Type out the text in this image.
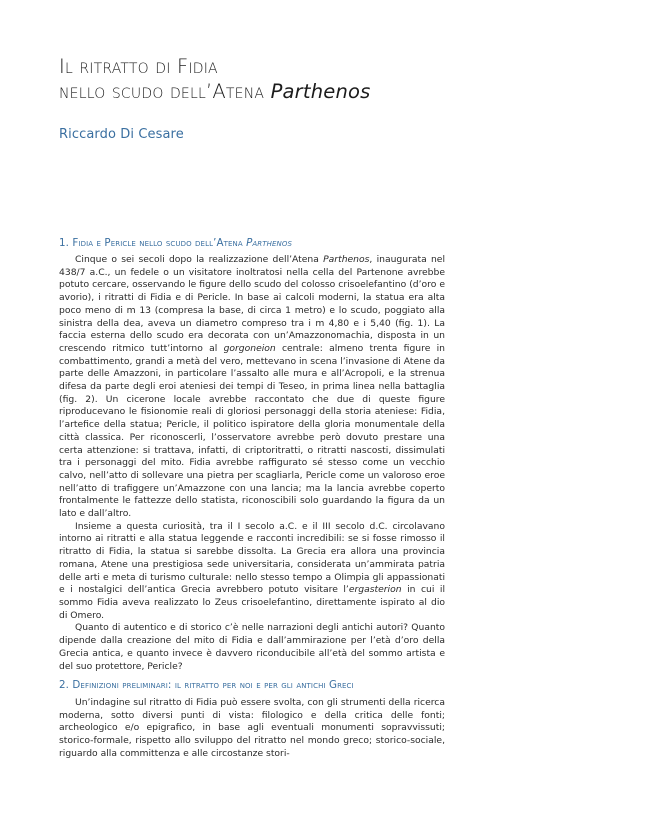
Il ritratto di Fidia
nello scudo dell’Atena Parthenos
Riccardo Di Cesare
1. Fidia e Pericle nello scudo dell’Atena Parthenos

Cinque o sei secoli dopo la realizzazione dell’Atena Parthenos, inaugurata nel 438/7 a.C., un fedele o un visitatore inoltratosi nella cella del Partenone avrebbe potuto cercare, osservando le figure dello scudo del colosso crisoelefantino (d’oro e avorio), i ritratti di Fidia e di Pericle. In base ai calcoli moderni, la statua era alta poco meno di m 13 (compresa la base, di circa 1 metro) e lo scudo, poggiato alla sinistra della dea, aveva un diametro compreso tra i m 4,80 e i 5,40 (fig. 1). La faccia esterna dello scudo era decorata con un’Amazzonomachia, disposta in un crescendo ritmico tutt’intorno al gorgoneion centrale: almeno trenta figure in combattimento, grandi a metà del vero, mettevano in scena l’invasione di Atene da parte delle Amazzoni, in particolare l’assalto alle mura e all’Acropoli, e la strenua difesa da parte degli eroi ateniesi dei tempi di Teseo, in prima linea nella battaglia (fig. 2). Un cicerone locale avrebbe raccontato che due di queste figure riproducevano le fisionomie reali di gloriosi personaggi della storia ateniese: Fidia, l’artefice della statua; Pericle, il politico ispiratore della gloria monumentale della città classica. Per riconoscerli, l’osservatore avrebbe però dovuto prestare una certa attenzione: si trattava, infatti, di criptoritratti, o ritratti nascosti, dissimulati tra i personaggi del mito. Fidia avrebbe raffigurato sé stesso come un vecchio calvo, nell’atto di sollevare una pietra per scagliarla, Pericle come un valoroso eroe nell’atto di trafiggere un’Amazzone con una lancia; ma la lancia avrebbe coperto frontalmente le fattezze dello statista, riconoscibili solo guardando la figura da un lato e dall’altro.

Insieme a questa curiosità, tra il I secolo a.C. e il III secolo d.C. circolavano intorno ai ritratti e alla statua leggende e racconti incredibili: se si fosse rimosso il ritratto di Fidia, la statua si sarebbe dissolta. La Grecia era allora una provincia romana, Atene una prestigiosa sede universitaria, considerata un’ammirata patria delle arti e meta di turismo culturale: nello stesso tempo a Olimpia gli appassionati e i nostalgici dell’antica Grecia avrebbero potuto visitare l’ergasterion in cui il sommo Fidia aveva realizzato lo Zeus crisoelefantino, direttamente ispirato al dio di Omero.

Quanto di autentico e di storico c’è nelle narrazioni degli antichi autori? Quanto dipende dalla creazione del mito di Fidia e dall’ammirazione per l’età d’oro della Grecia antica, e quanto invece è davvero riconducibile all’età del sommo artista e del suo protettore, Pericle?

2. Definizioni preliminari: il ritratto per noi e per gli antichi Greci

Un’indagine sul ritratto di Fidia può essere svolta, con gli strumenti della ricerca moderna, sotto diversi punti di vista: filologico e della critica delle fonti; archeologico e/o epigrafico, in base agli eventuali monumenti sopravvissuti; storico-formale, rispetto allo sviluppo del ritratto nel mondo greco; storico-sociale, riguardo alla committenza e alle circostanze stori-
